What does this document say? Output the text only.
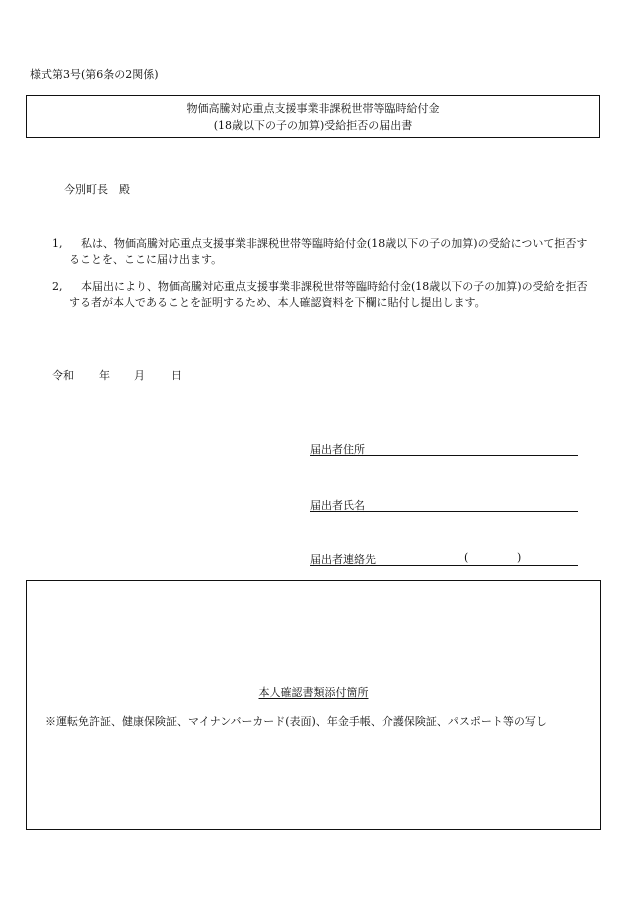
様式第3号(第6条の2関係)
物価高騰対応重点支援事業非課税世帯等臨時給付金
(18歳以下の子の加算)受給拒否の届出書
今別町長　殿
1,	私は、物価高騰対応重点支援事業非課税世帯等臨時給付金(18歳以下の子の加算)の受給について拒否することを、ここに届け出ます。
2,	本届出により、物価高騰対応重点支援事業非課税世帯等臨時給付金(18歳以下の子の加算)の受給を拒否する者が本人であることを証明するため、本人確認資料を下欄に貼付し提出します。
令和 年 月 日
届出者住所
届出者氏名
届出者連絡先	(	)
本人確認書類添付箇所
※運転免許証、健康保険証、マイナンバーカード(表面)、年金手帳、介護保険証、パスポート等の写し
